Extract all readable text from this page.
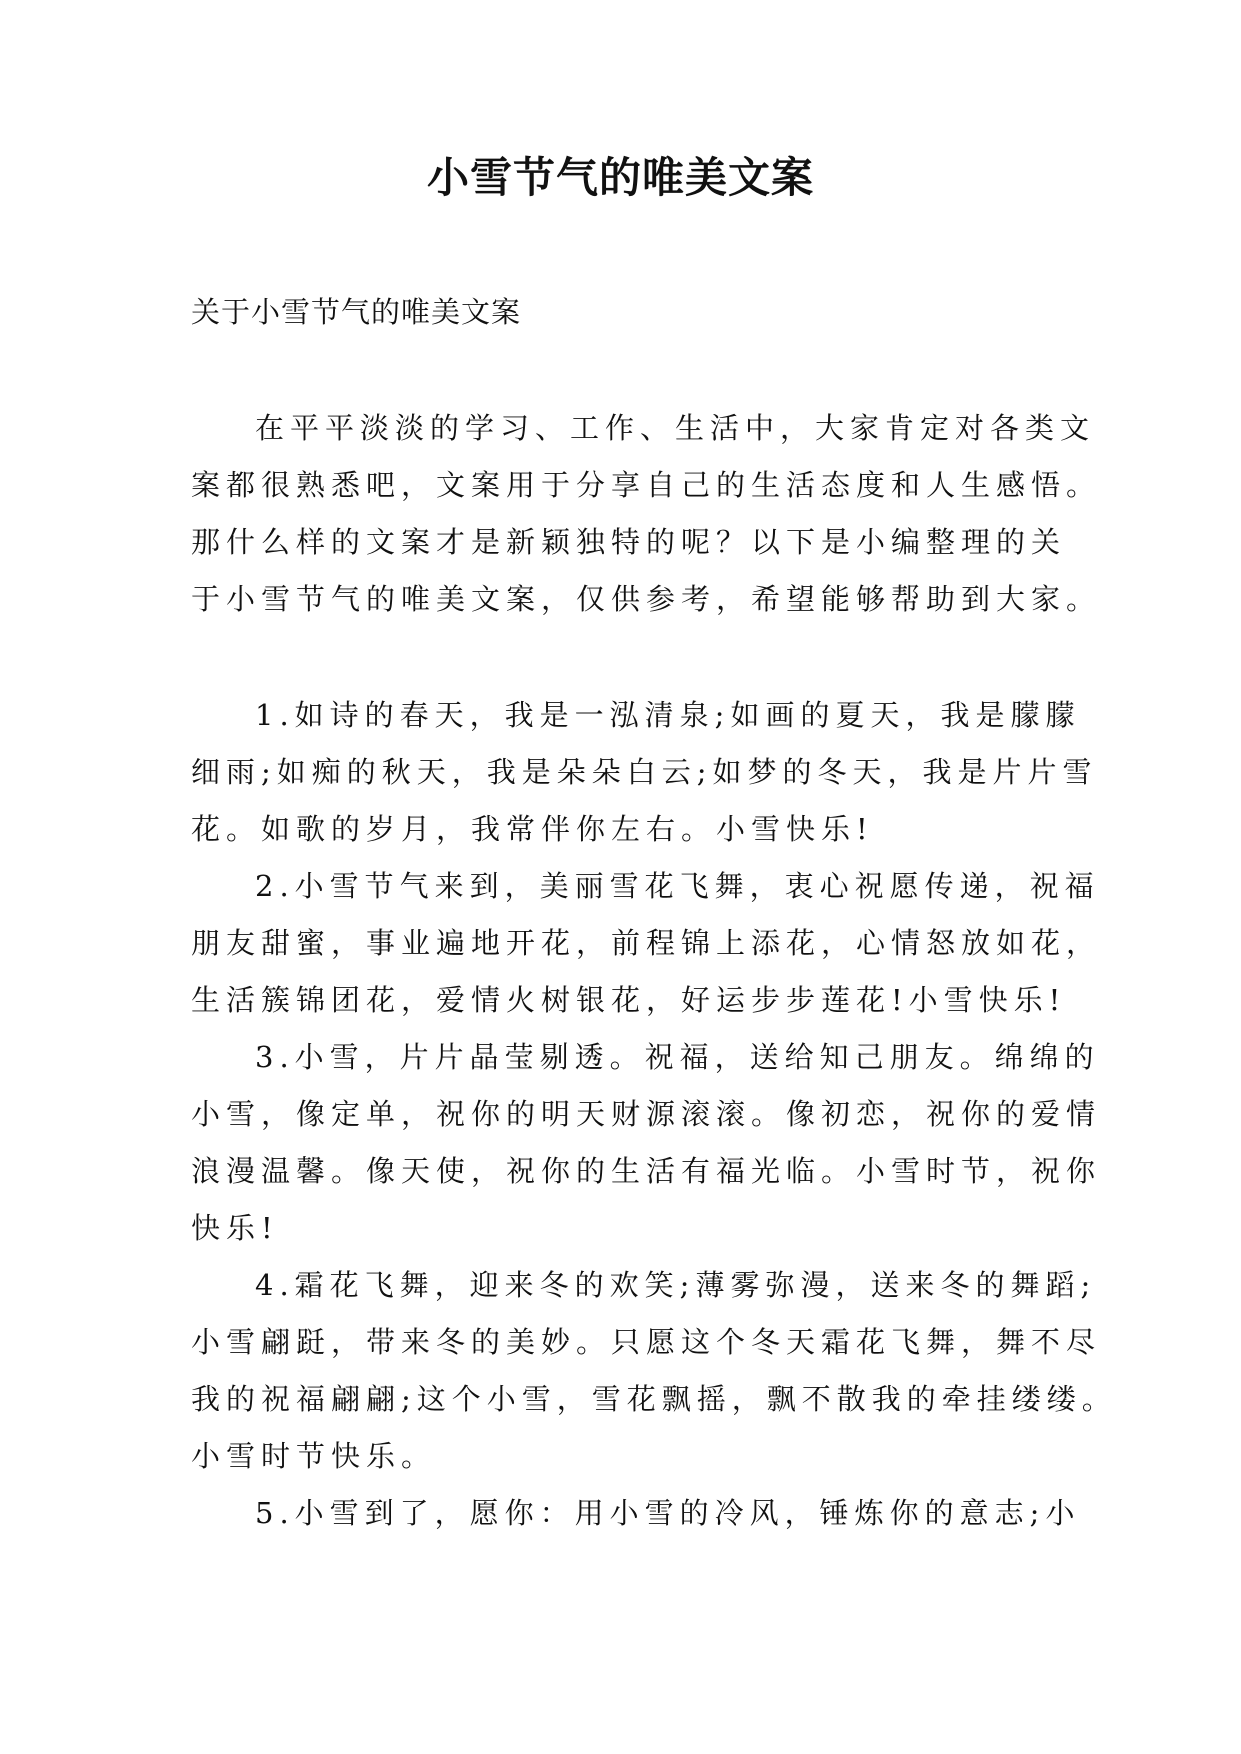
小雪节气的唯美文案
关于小雪节气的唯美文案
在平平淡淡的学习、工作、生活中，大家肯定对各类文
案都很熟悉吧，文案用于分享自己的生活态度和人生感悟。
那什么样的文案才是新颖独特的呢？以下是小编整理的关
于小雪节气的唯美文案，仅供参考，希望能够帮助到大家。
1.如诗的春天，我是一泓清泉;如画的夏天，我是朦朦
细雨;如痴的秋天，我是朵朵白云;如梦的冬天，我是片片雪
花。如歌的岁月，我常伴你左右。小雪快乐!
2.小雪节气来到，美丽雪花飞舞，衷心祝愿传递，祝福
朋友甜蜜，事业遍地开花，前程锦上添花，心情怒放如花，
生活簇锦团花，爱情火树银花，好运步步莲花!小雪快乐!
3.小雪，片片晶莹剔透。祝福，送给知己朋友。绵绵的
小雪，像定单，祝你的明天财源滚滚。像初恋，祝你的爱情
浪漫温馨。像天使，祝你的生活有福光临。小雪时节，祝你
快乐!
4.霜花飞舞，迎来冬的欢笑;薄雾弥漫，送来冬的舞蹈;
小雪翩跹，带来冬的美妙。只愿这个冬天霜花飞舞，舞不尽
我的祝福翩翩;这个小雪，雪花飘摇，飘不散我的牵挂缕缕。
小雪时节快乐。
5.小雪到了，愿你：用小雪的冷风，锤炼你的意志;小
